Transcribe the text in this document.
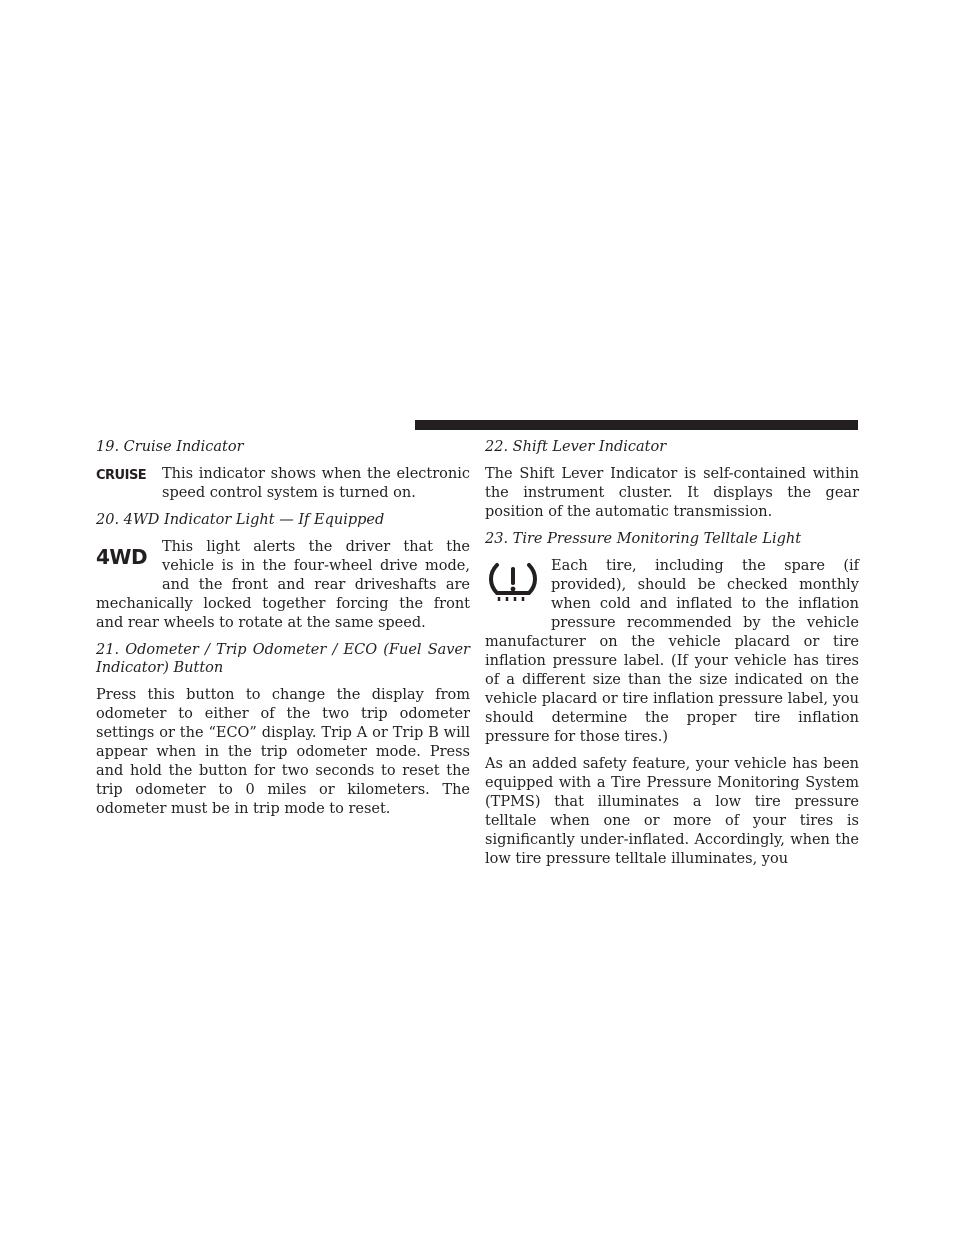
19. Cruise Indicator
CRUISE	This indicator shows when the electronic speed control system is turned on.

20. 4WD Indicator Light — If Equipped
4WD	This light alerts the driver that the vehicle is in the four-wheel drive mode, and the front and rear driveshafts are mechanically locked together forcing the front and rear wheels to rotate at the same speed.

21. Odometer / Trip Odometer / ECO (Fuel Saver Indicator) Button

Press this button to change the display from odometer to either of the two trip odometer settings or the “ECO” display. Trip A or Trip B will appear when in the trip odometer mode. Press and hold the button for two seconds to reset the trip odometer to 0 miles or kilometers. The odometer must be in trip mode to reset.

22. Shift Lever Indicator

The Shift Lever Indicator is self-contained within the instrument cluster. It displays the gear position of the automatic transmission.

23. Tire Pressure Monitoring Telltale Light

Each tire, including the spare (if provided), should be checked monthly when cold and inflated to the inflation pressure recommended by the vehicle manufacturer on the vehicle placard or tire inflation pressure label. (If your vehicle has tires of a different size than the size indicated on the vehicle placard or tire inflation pressure label, you should determine the proper tire inflation pressure for those tires.)

As an added safety feature, your vehicle has been equipped with a Tire Pressure Monitoring System (TPMS) that illuminates a low tire pressure telltale when one or more of your tires is significantly under-inflated. Accordingly, when the low tire pressure telltale illuminates, you
